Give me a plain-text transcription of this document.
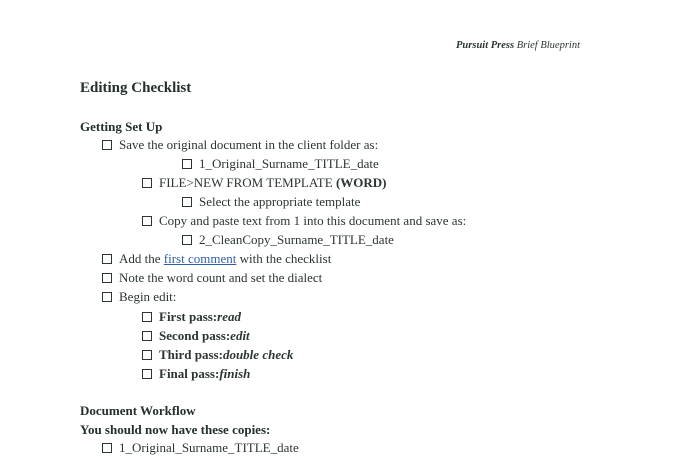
Pursuit Press Brief Blueprint
Editing Checklist
Getting Set Up
Save the original document in the client folder as:
1_Original_Surname_TITLE_date
FILE>NEW FROM TEMPLATE (WORD)
Select the appropriate template
Copy and paste text from 1 into this document and save as:
2_CleanCopy_Surname_TITLE_date
Add the first comment with the checklist
Note the word count and set the dialect
Begin edit:
First pass: read
Second pass: edit
Third pass: double check
Final pass: finish
Document Workflow
You should now have these copies:
1_Original_Surname_TITLE_date
